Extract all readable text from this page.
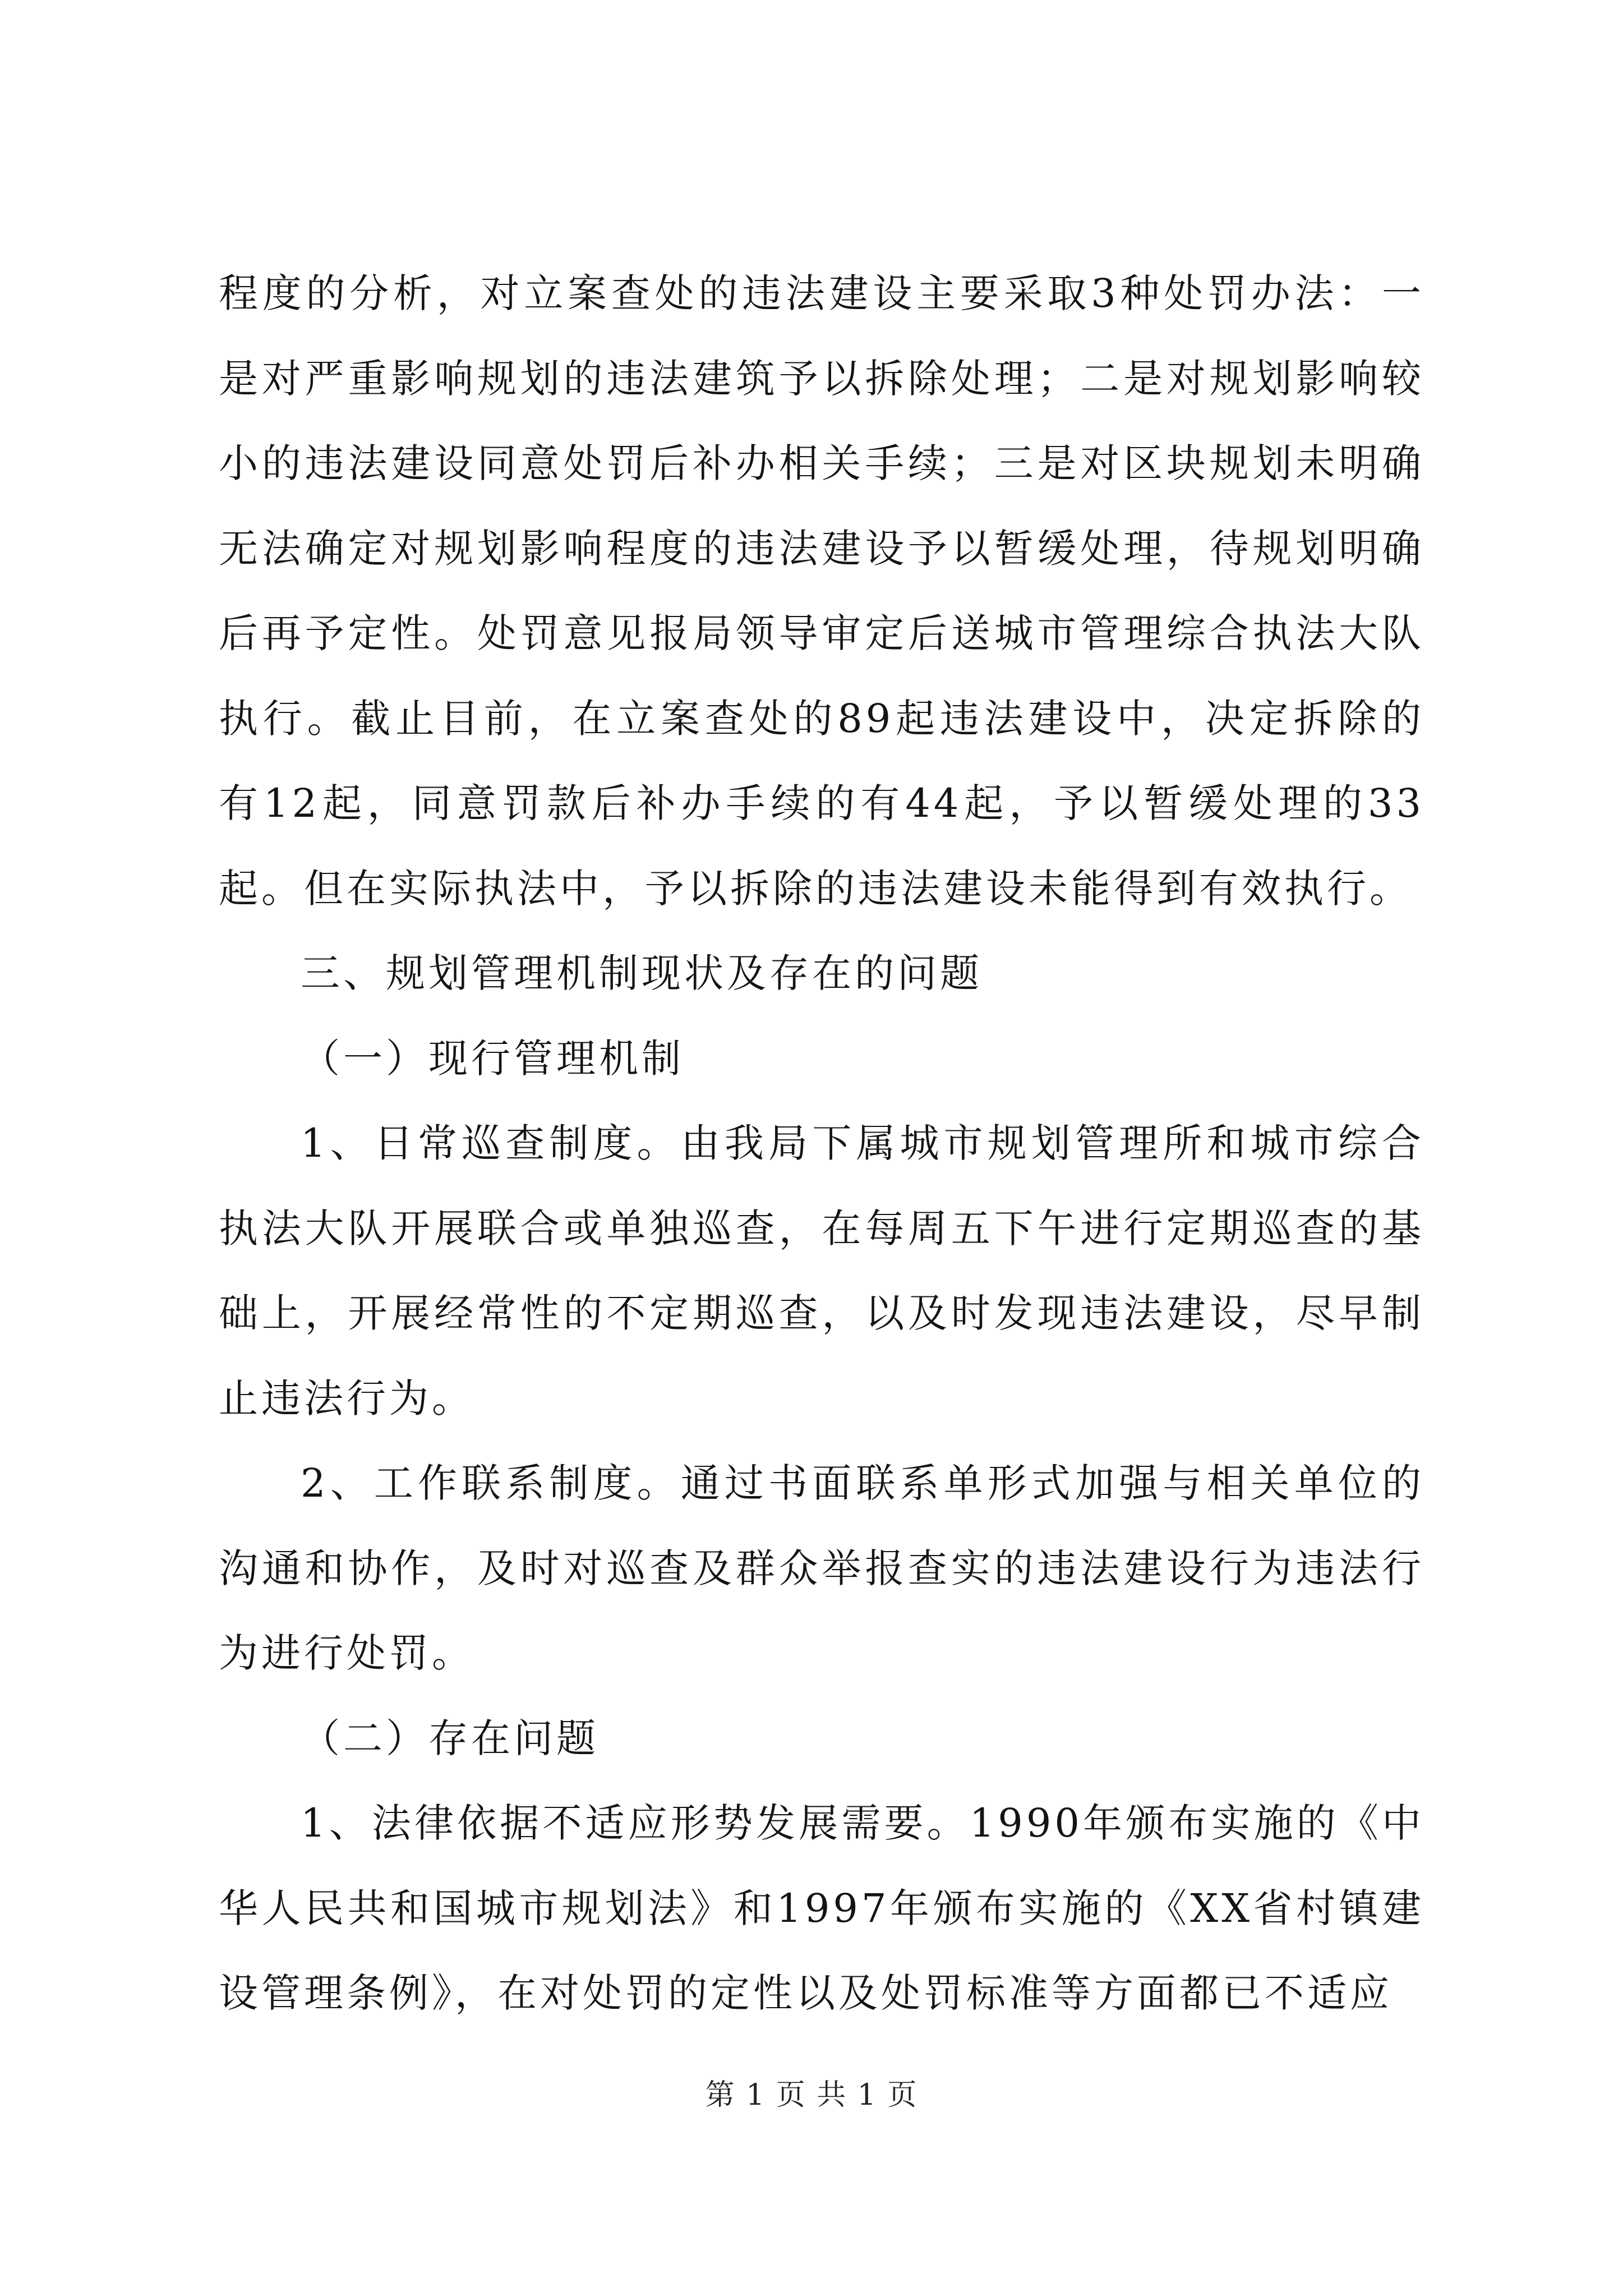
程度的分析，对立案查处的违法建设主要采取3种处罚办法：一是对严重影响规划的违法建筑予以拆除处理；二是对规划影响较小的违法建设同意处罚后补办相关手续；三是对区块规划未明确无法确定对规划影响程度的违法建设予以暂缓处理，待规划明确后再予定性。处罚意见报局领导审定后送城市管理综合执法大队执行。截止目前，在立案查处的89起违法建设中，决定拆除的有12起，同意罚款后补办手续的有44起，予以暂缓处理的33起。但在实际执法中，予以拆除的违法建设未能得到有效执行。

三、规划管理机制现状及存在的问题

（一）现行管理机制

1、日常巡查制度。由我局下属城市规划管理所和城市综合执法大队开展联合或单独巡查，在每周五下午进行定期巡查的基础上，开展经常性的不定期巡查，以及时发现违法建设，尽早制止违法行为。

2、工作联系制度。通过书面联系单形式加强与相关单位的沟通和协作，及时对巡查及群众举报查实的违法建设行为违法行为进行处罚。

（二）存在问题

1、法律依据不适应形势发展需要。1990年颁布实施的《中华人民共和国城市规划法》和1997年颁布实施的《XX省村镇建设管理条例》，在对处罚的定性以及处罚标准等方面都已不适应

第 1 页 共 1 页
